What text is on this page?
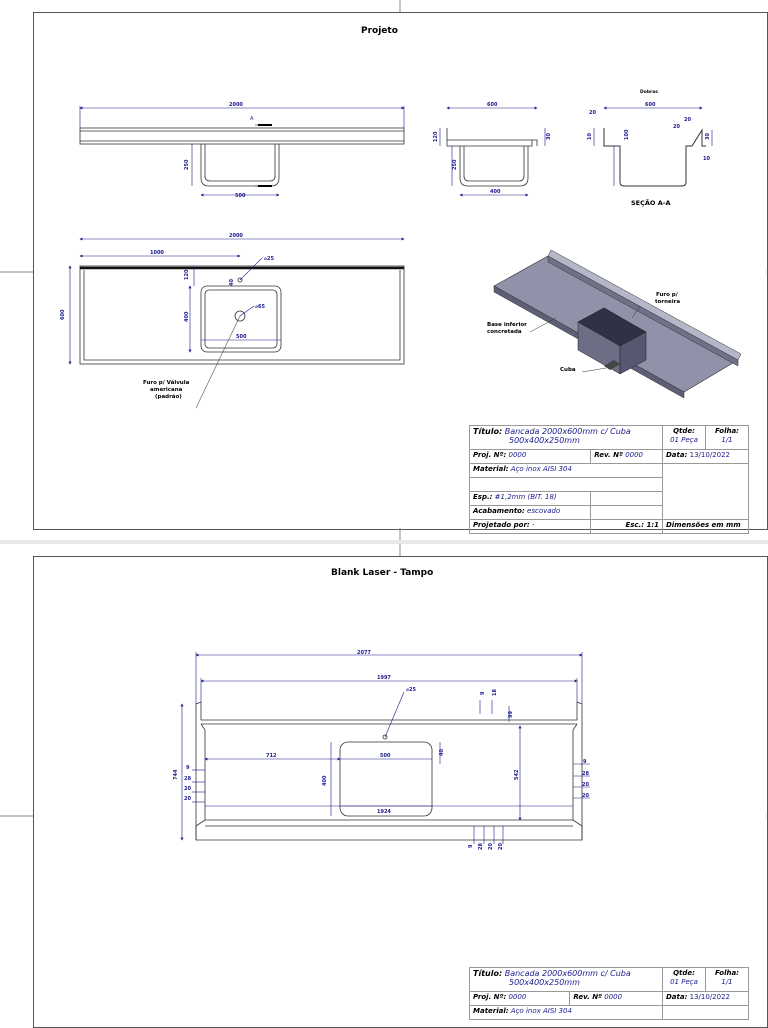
Projeto
2000
500
A
250
600
400
120
250
30
Dobras
600
20
10	100
20
20
30
10
SEÇÃO A-A
2000
1000
600
120
40
400
500
⌀25
⌀65
Furo p/ Válvula
americana
(padrão)
Furo p/
torneira
Base inferior
concretada
Cuba
Título: Bancada 2000x600mm c/ Cuba
500x400x250mm		Qtde:
01 Peça	Folha:
1/1
Proj. Nº: 0000	Rev. Nº 0000	Data: 13/10/2022	
Material: Aço inox AISI 304			

Esp.: #1,2mm (BIT. 18)			
Acabamento: escovado			
Projetado por: -	Esc.: 1:1	Dimensões em mm	
Blank Laser - Tampo
2077
1997
⌀25
9 18
99
40
712	500
744
400
542
1924
9
28
20
20
9
28
20
20
9 28 20 20
Título: Bancada 2000x600mm c/ Cuba
500x400x250mm		Qtde:
01 Peça	Folha:
1/1
Proj. Nº: 0000	Rev. Nº 0000	Data: 13/10/2022	
Material: Aço inox AISI 304			
